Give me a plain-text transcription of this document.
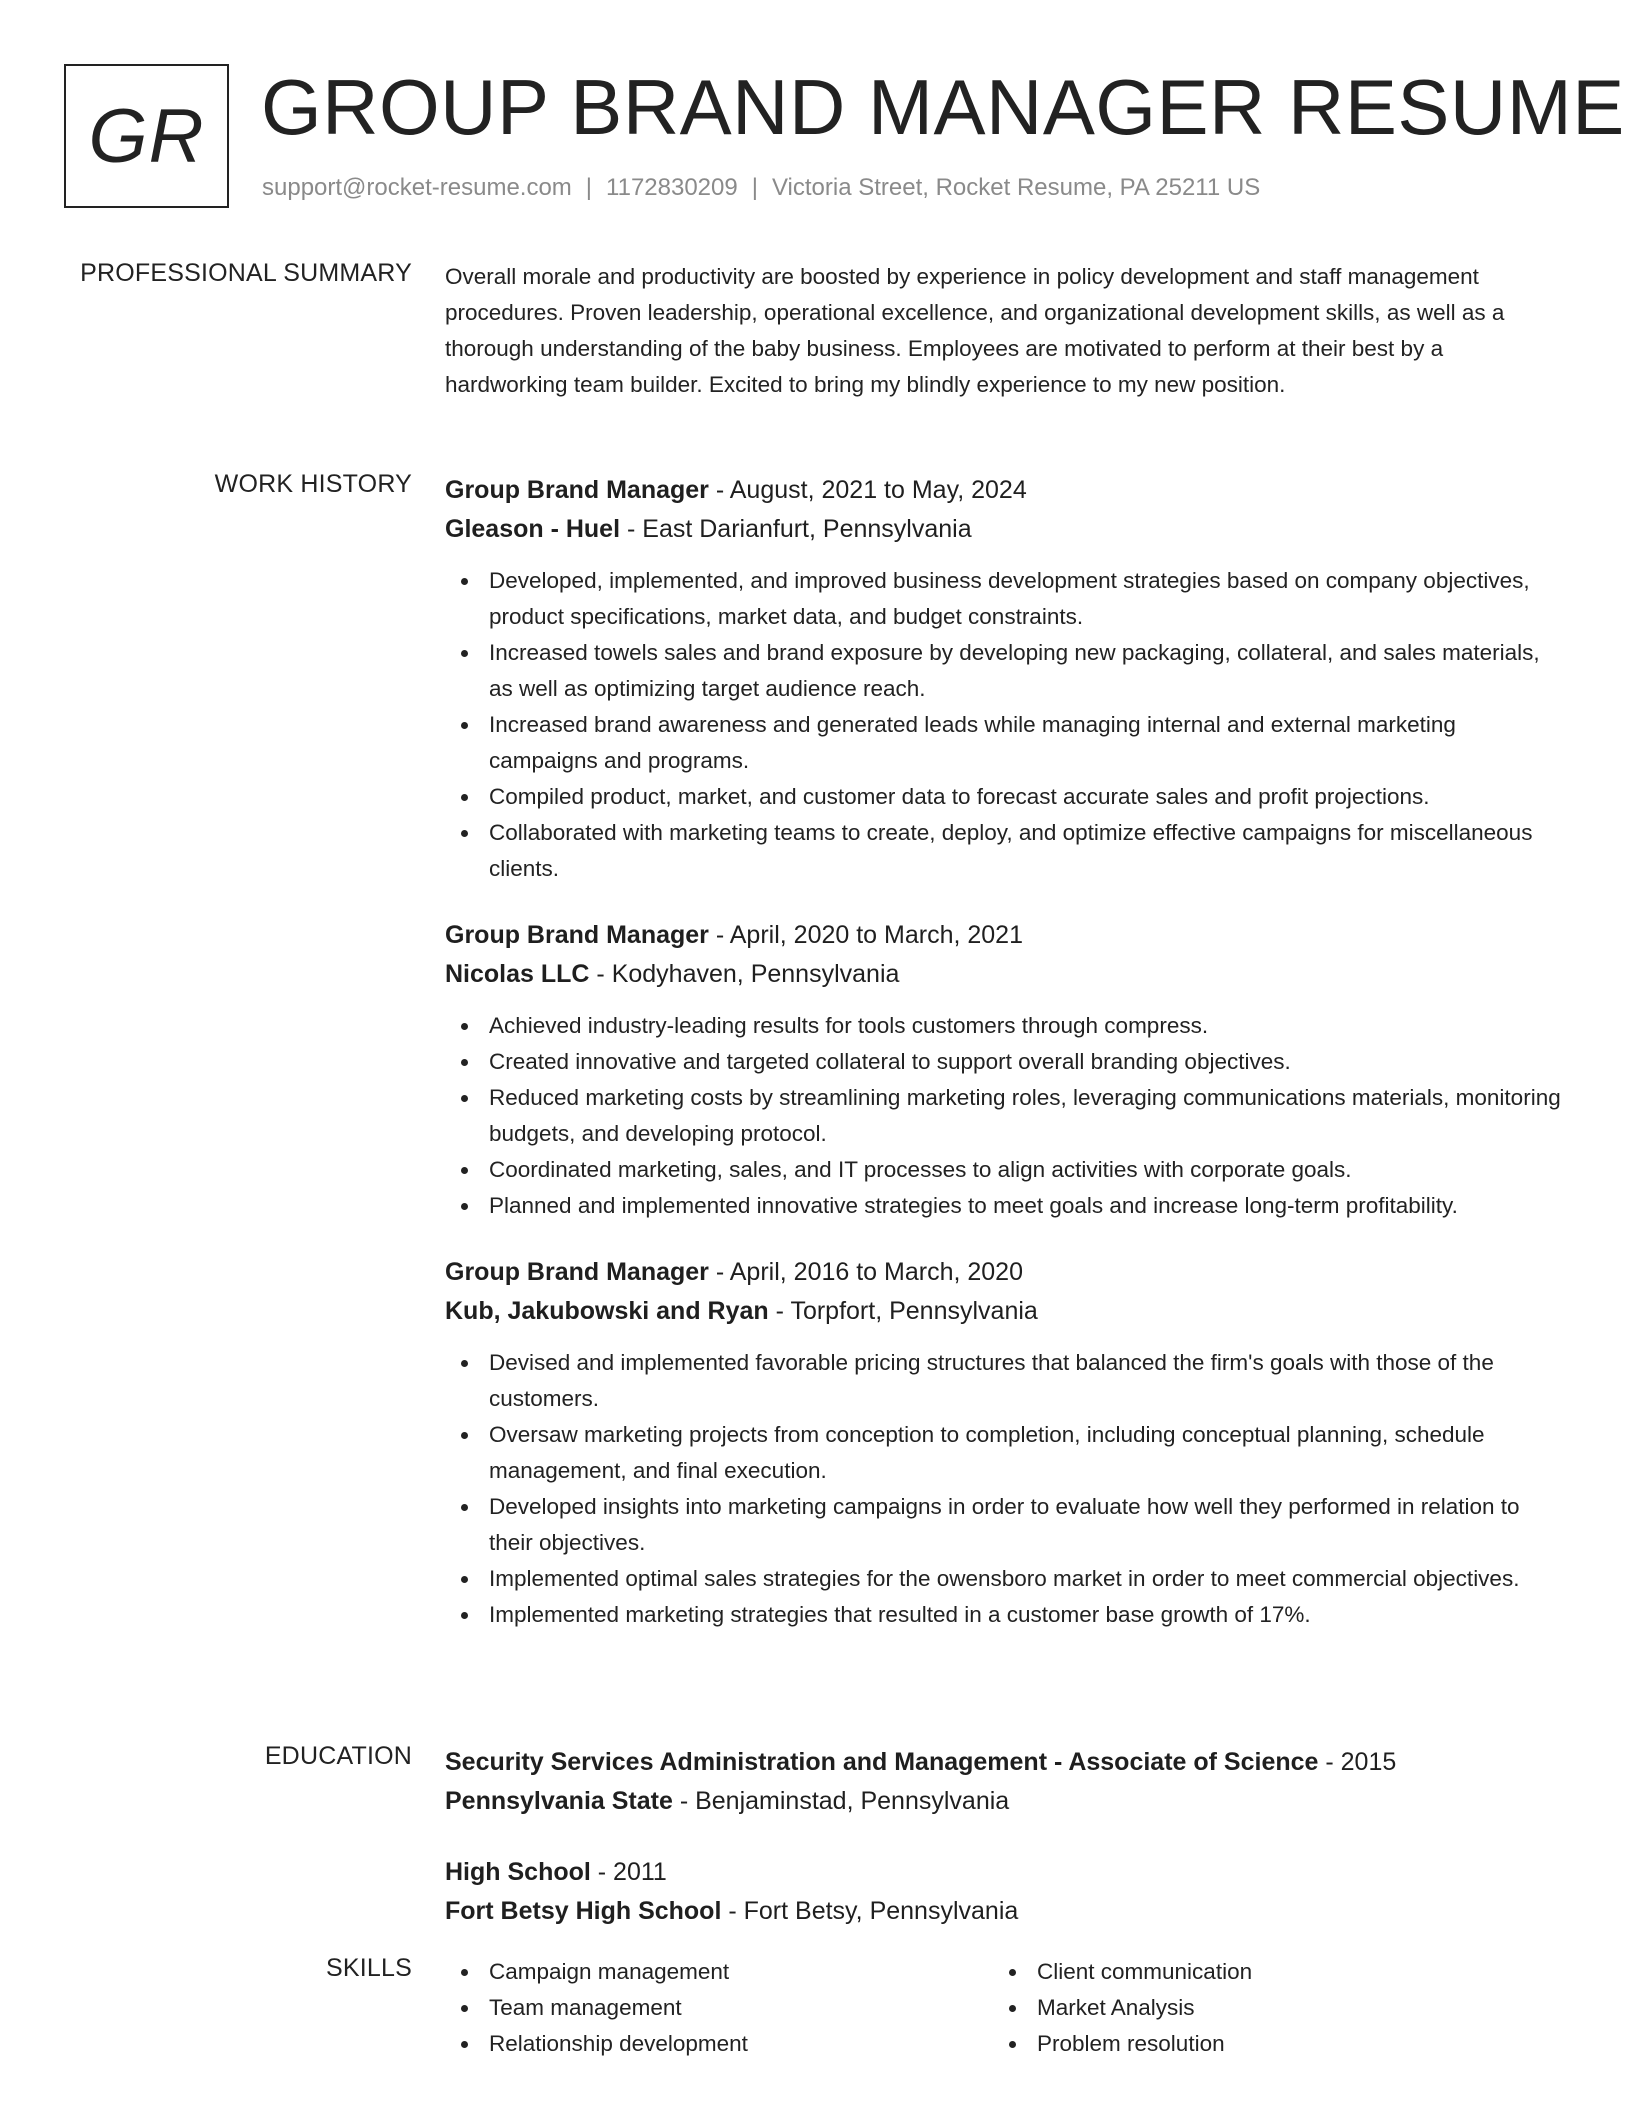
GR GROUP BRAND MANAGER RESUME
support@rocket-resume.com | 1172830209 | Victoria Street, Rocket Resume, PA 25211 US
PROFESSIONAL SUMMARY Overall morale and productivity are boosted by experience in policy development and staff management procedures. Proven leadership, operational excellence, and organizational development skills, as well as a thorough understanding of the baby business. Employees are motivated to perform at their best by a hardworking team builder. Excited to bring my blindly experience to my new position.

WORK HISTORY Group Brand Manager - August, 2021 to May, 2024
Gleason - Huel - East Darianfurt, Pennsylvania
Developed, implemented, and improved business development strategies based on company objectives, product specifications, market data, and budget constraints.
Increased towels sales and brand exposure by developing new packaging, collateral, and sales materials, as well as optimizing target audience reach.
Increased brand awareness and generated leads while managing internal and external marketing campaigns and programs.
Compiled product, market, and customer data to forecast accurate sales and profit projections.
Collaborated with marketing teams to create, deploy, and optimize effective campaigns for miscellaneous clients.
Group Brand Manager - April, 2020 to March, 2021
Nicolas LLC - Kodyhaven, Pennsylvania
Achieved industry-leading results for tools customers through compress.
Created innovative and targeted collateral to support overall branding objectives.
Reduced marketing costs by streamlining marketing roles, leveraging communications materials, monitoring budgets, and developing protocol.
Coordinated marketing, sales, and IT processes to align activities with corporate goals.
Planned and implemented innovative strategies to meet goals and increase long-term profitability.
Group Brand Manager - April, 2016 to March, 2020
Kub, Jakubowski and Ryan - Torpfort, Pennsylvania
Devised and implemented favorable pricing structures that balanced the firm's goals with those of the customers.
Oversaw marketing projects from conception to completion, including conceptual planning, schedule management, and final execution.
Developed insights into marketing campaigns in order to evaluate how well they performed in relation to their objectives.
Implemented optimal sales strategies for the owensboro market in order to meet commercial objectives.
Implemented marketing strategies that resulted in a customer base growth of 17%.
EDUCATION Security Services Administration and Management - Associate of Science - 2015
Pennsylvania State - Benjaminstad, Pennsylvania
High School - 2011
Fort Betsy High School - Fort Betsy, Pennsylvania
SKILLS	Campaign management
Team management
Relationship development
Client communication
Market Analysis
Problem resolution
